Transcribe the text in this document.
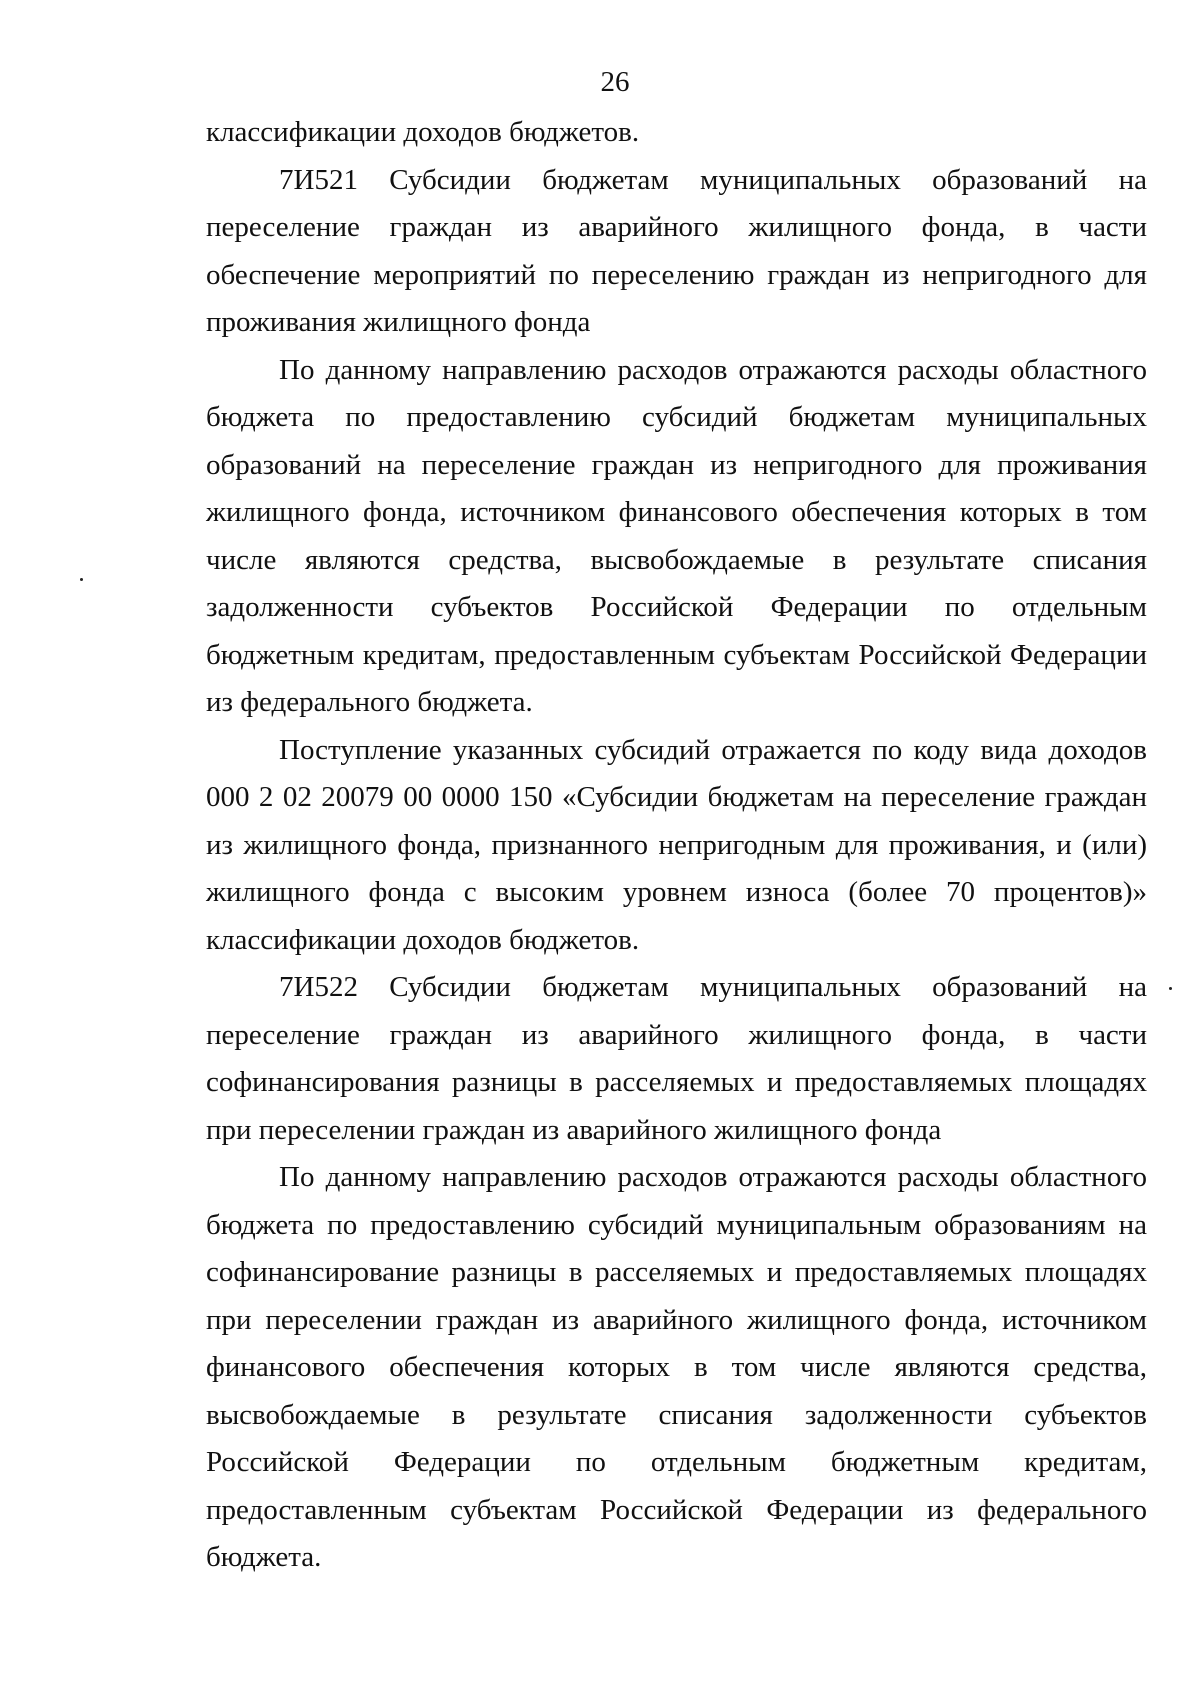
26

классификации доходов бюджетов.

7И521 Субсидии бюджетам муниципальных образований на переселение граждан из аварийного жилищного фонда, в части обеспечение мероприятий по переселению граждан из непригодного для проживания жилищного фонда

По данному направлению расходов отражаются расходы областного бюджета по предоставлению субсидий бюджетам муниципальных образований на переселение граждан из непригодного для проживания жилищного фонда, источником финансового обеспечения которых в том числе являются средства, высвобождаемые в результате списания задолженности субъектов Российской Федерации по отдельным бюджетным кредитам, предоставленным субъектам Российской Федерации из федерального бюджета.

Поступление указанных субсидий отражается по коду вида доходов 000 2 02 20079 00 0000 150 «Субсидии бюджетам на переселение граждан из жилищного фонда, признанного непригодным для проживания, и (или) жилищного фонда с высоким уровнем износа (более 70 процентов)» классификации доходов бюджетов.

7И522 Субсидии бюджетам муниципальных образований на переселение граждан из аварийного жилищного фонда, в части софинансирования разницы в расселяемых и предоставляемых площадях при переселении граждан из аварийного жилищного фонда

По данному направлению расходов отражаются расходы областного бюджета по предоставлению субсидий муниципальным образованиям на софинансирование разницы в расселяемых и предоставляемых площадях при переселении граждан из аварийного жилищного фонда, источником финансового обеспечения которых в том числе являются средства, высвобождаемые в результате списания задолженности субъектов Российской Федерации по отдельным бюджетным кредитам, предоставленным субъектам Российской Федерации из федерального бюджета.
